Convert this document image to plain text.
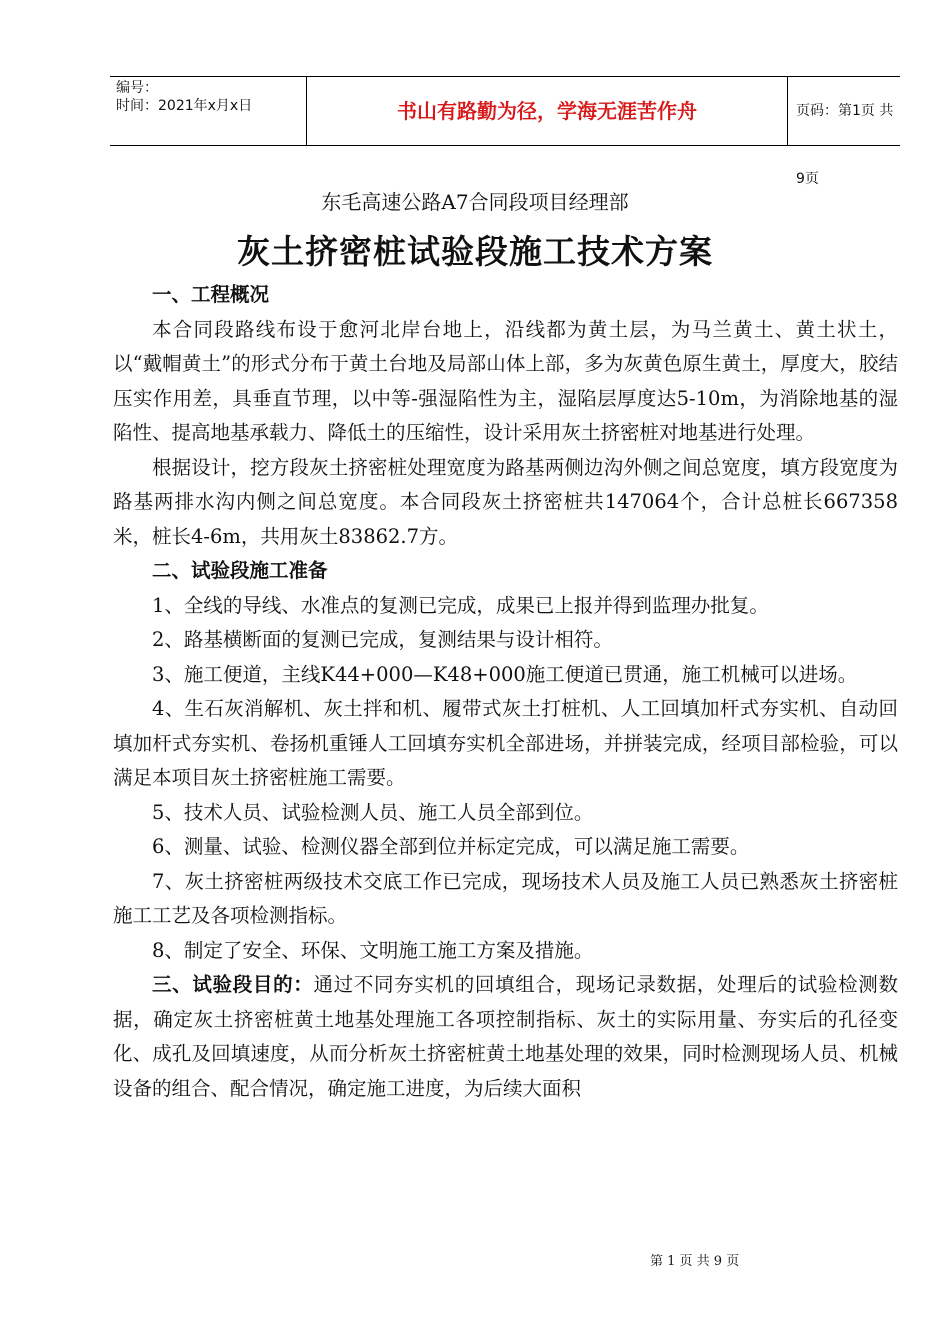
编号：
时间：2021年x月x日	书山有路勤为径，学海无涯苦作舟	页码：第1页 共9页
东毛高速公路A7合同段项目经理部
灰土挤密桩试验段施工技术方案
一、工程概况
本合同段路线布设于愈河北岸台地上，沿线都为黄土层，为马兰黄土、黄土状土，以“戴帽黄土”的形式分布于黄土台地及局部山体上部，多为灰黄色原生黄土，厚度大，胶结压实作用差，具垂直节理，以中等-强湿陷性为主，湿陷层厚度达5-10m，为消除地基的湿陷性、提高地基承载力、降低土的压缩性，设计采用灰土挤密桩对地基进行处理。
根据设计，挖方段灰土挤密桩处理宽度为路基两侧边沟外侧之间总宽度，填方段宽度为路基两排水沟内侧之间总宽度。本合同段灰土挤密桩共147064个，合计总桩长667358米，桩长4-6m，共用灰土83862.7方。
二、试验段施工准备
1、全线的导线、水准点的复测已完成，成果已上报并得到监理办批复。
2、路基横断面的复测已完成，复测结果与设计相符。
3、施工便道，主线K44+000—K48+000施工便道已贯通，施工机械可以进场。
4、生石灰消解机、灰土拌和机、履带式灰土打桩机、人工回填加杆式夯实机、自动回填加杆式夯实机、卷扬机重锤人工回填夯实机全部进场，并拼装完成，经项目部检验，可以满足本项目灰土挤密桩施工需要。
5、技术人员、试验检测人员、施工人员全部到位。
6、测量、试验、检测仪器全部到位并标定完成，可以满足施工需要。
7、灰土挤密桩两级技术交底工作已完成，现场技术人员及施工人员已熟悉灰土挤密桩施工工艺及各项检测指标。
8、制定了安全、环保、文明施工施工方案及措施。
三、试验段目的：通过不同夯实机的回填组合，现场记录数据，处理后的试验检测数据，确定灰土挤密桩黄土地基处理施工各项控制指标、灰土的实际用量、夯实后的孔径变化、成孔及回填速度，从而分析灰土挤密桩黄土地基处理的效果，同时检测现场人员、机械设备的组合、配合情况，确定施工进度，为后续大面积
第 1 页 共 9 页
